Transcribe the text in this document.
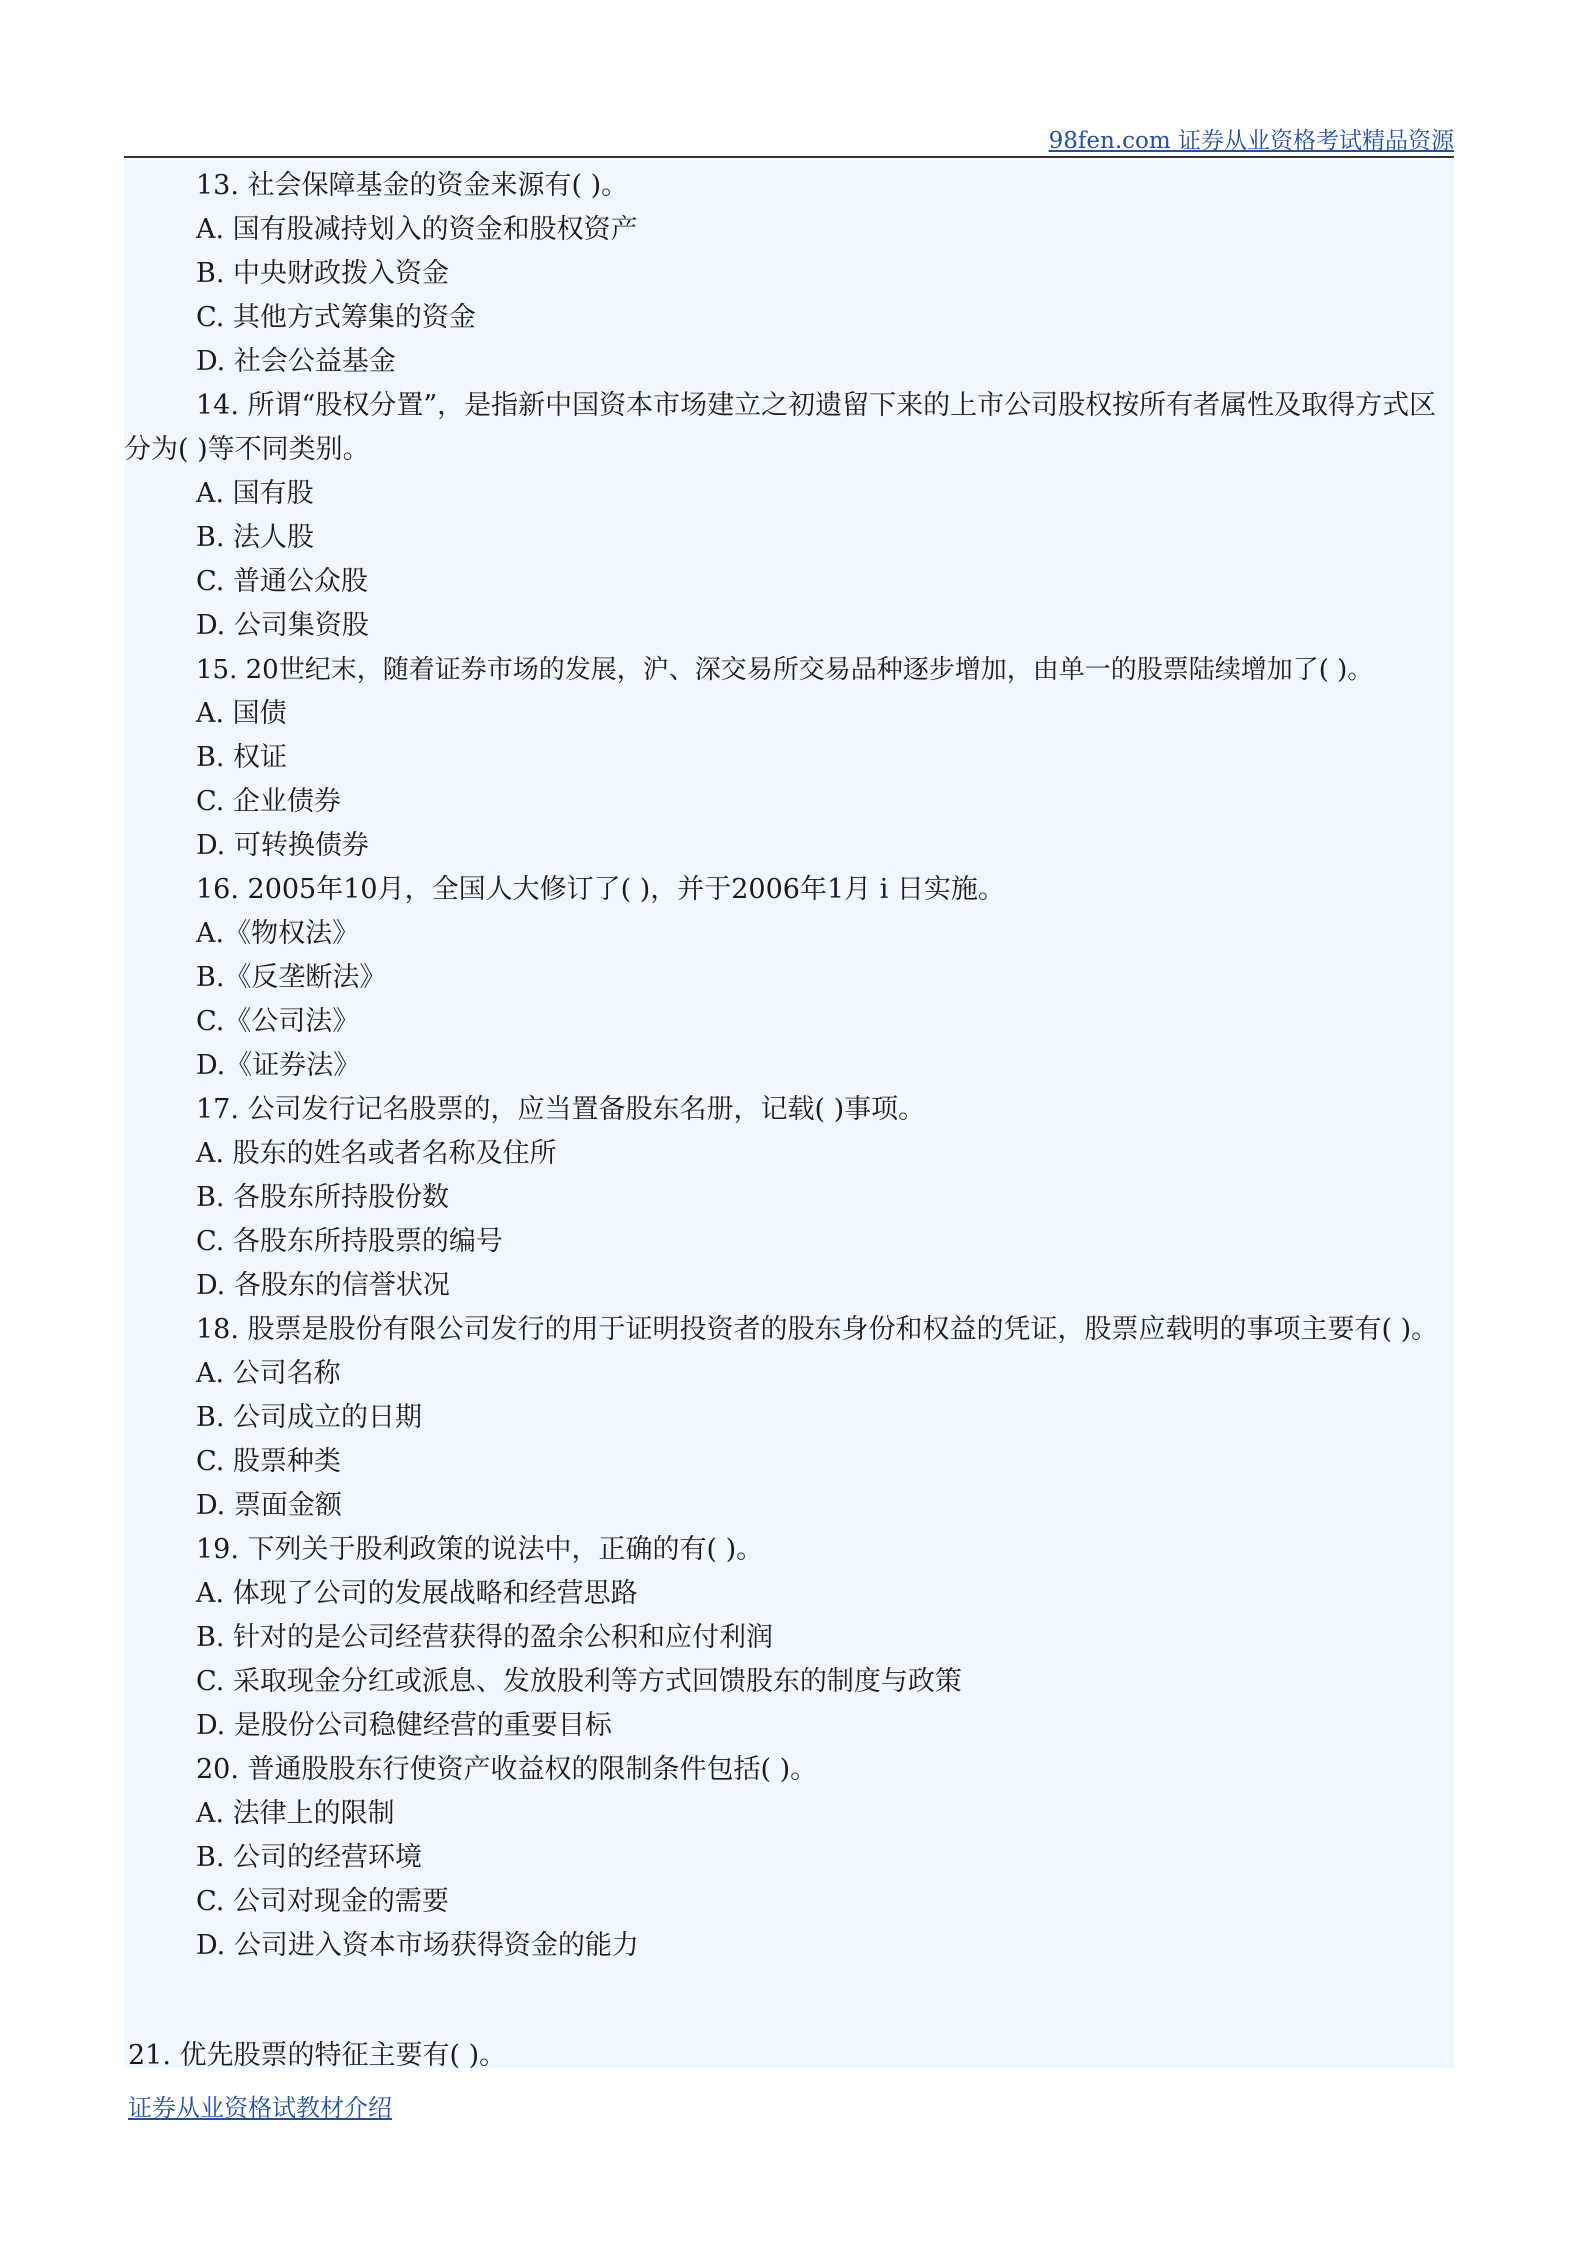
98fen.com 证券从业资格考试精品资源
13. 社会保障基金的资金来源有( )。
A. 国有股减持划入的资金和股权资产
B. 中央财政拨入资金
C. 其他方式筹集的资金
D. 社会公益基金
14. 所谓“股权分置”，是指新中国资本市场建立之初遗留下来的上市公司股权按所有者属性及取得方式区分为( )等不同类别。
A. 国有股
B. 法人股
C. 普通公众股
D. 公司集资股
15. 20世纪末，随着证券市场的发展，沪、深交易所交易品种逐步增加，由单一的股票陆续增加了( )。
A. 国债
B. 权证
C. 企业债券
D. 可转换债券
16. 2005年10月，全国人大修订了( )，并于2006年1月 i 日实施。
A.《物权法》
B.《反垄断法》
C.《公司法》
D.《证券法》
17. 公司发行记名股票的，应当置备股东名册，记载( )事项。
A. 股东的姓名或者名称及住所
B. 各股东所持股份数
C. 各股东所持股票的编号
D. 各股东的信誉状况
18. 股票是股份有限公司发行的用于证明投资者的股东身份和权益的凭证，股票应载明的事项主要有( )。
A. 公司名称
B. 公司成立的日期
C. 股票种类
D. 票面金额
19. 下列关于股利政策的说法中，正确的有( )。
A. 体现了公司的发展战略和经营思路
B. 针对的是公司经营获得的盈余公积和应付利润
C. 采取现金分红或派息、发放股利等方式回馈股东的制度与政策
D. 是股份公司稳健经营的重要目标
20. 普通股股东行使资产收益权的限制条件包括( )。
A. 法律上的限制
B. 公司的经营环境
C. 公司对现金的需要
D. 公司进入资本市场获得资金的能力
21. 优先股票的特征主要有( )。
证券从业资格试教材介绍
